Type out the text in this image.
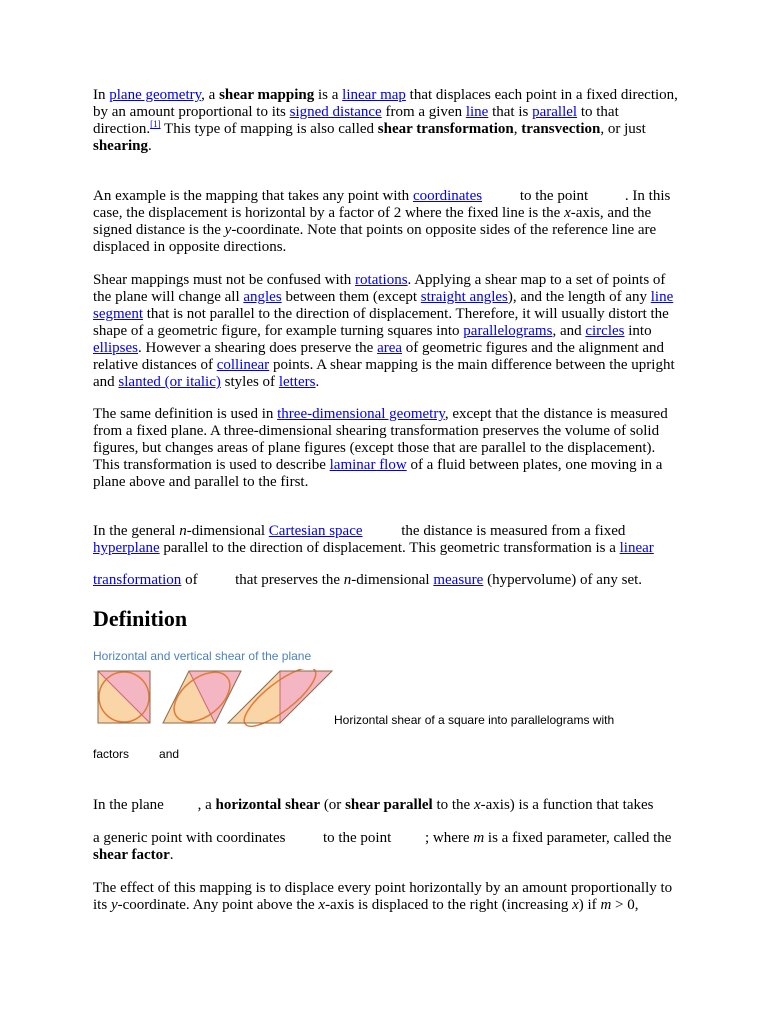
In plane geometry, a shear mapping is a linear map that displaces each point in a fixed direction, by an amount proportional to its signed distance from a given line that is parallel to that direction.[1] This type of mapping is also called shear transformation, transvection, or just shearing.

An example is the mapping that takes any point with coordinates to the point . In this case, the displacement is horizontal by a factor of 2 where the fixed line is the x-axis, and the signed distance is the y-coordinate. Note that points on opposite sides of the reference line are displaced in opposite directions.

Shear mappings must not be confused with rotations. Applying a shear map to a set of points of the plane will change all angles between them (except straight angles), and the length of any line segment that is not parallel to the direction of displacement. Therefore, it will usually distort the shape of a geometric figure, for example turning squares into parallelograms, and circles into ellipses. However a shearing does preserve the area of geometric figures and the alignment and relative distances of collinear points. A shear mapping is the main difference between the upright and slanted (or italic) styles of letters.

The same definition is used in three-dimensional geometry, except that the distance is measured from a fixed plane. A three-dimensional shearing transformation preserves the volume of solid figures, but changes areas of plane figures (except those that are parallel to the displacement). This transformation is used to describe laminar flow of a fluid between plates, one moving in a plane above and parallel to the first.

In the general n-dimensional Cartesian space the distance is measured from a fixed

hyperplane parallel to the direction of displacement. This geometric transformation is a linear

transformation of  that preserves the n-dimensional measure (hypervolume) of any set.

Definition
Horizontal and vertical shear of the plane
Horizontal shear of a square into parallelograms with
factors	and

In the plane , a horizontal shear (or shear parallel to the x-axis) is a function that takes

a generic point with coordinates  to the point ; where m is a fixed parameter, called the shear factor.

The effect of this mapping is to displace every point horizontally by an amount proportionally to its y-coordinate. Any point above the x-axis is displaced to the right (increasing x) if m > 0,
